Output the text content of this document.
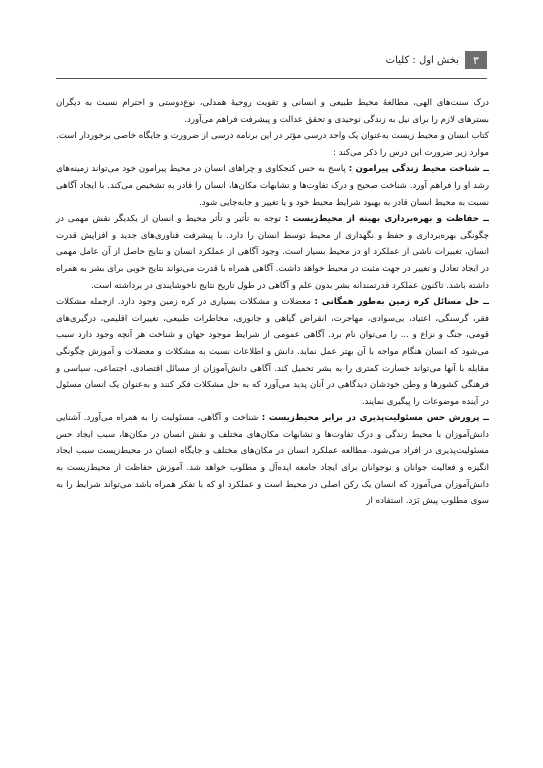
۳
بخش اول : کلیات

درک سنت‌های الهی، مطالعهٔ محیط طبیعی و انسانی و تقویت روحیهٔ همدلی، نوع‌دوستی و احترام نسبت به دیگران بسترهای لازم را برای نیل به زندگی توحیدی و تحقق عدالت و پیشرفت فراهم می‌آورد.

کتاب انسان و محیط زیست به‌عنوان یک واحد درسی مؤثر در این برنامه درسی از ضرورت و جایگاه خاصی برخوردار است. موارد زیر ضرورت این درس را ذکر می‌کند :

ــ شناخت محیط زندگی پیرامون : پاسخ به حس کنجکاوی و چراهای انسان در محیط پیرامون خود می‌تواند زمینه‌های رشد او را فراهم آورد. شناخت صحیح و درک تفاوت‌ها و تشابهات مکان‌ها، انسان را قادر به تشخیص می‌کند. با ایجاد آگاهی نسبت به محیط انسان قادر به بهبود شرایط محیط خود و یا تغییر و جابه‌جایی شود.

ــ حفاظت و بهره‌برداری بهینه از محیط‌زیست : توجه به تأثیر و تأثر محیط و انسان از یکدیگر نقش مهمی در چگونگی بهره‌برداری و حفظ و نگهداری از محیط توسط انسان را دارد. با پیشرفت فناوری‌های جدید و افزایش قدرت انسان، تغییرات ناشی از عملکرد او در محیط بسیار است. وجود آگاهی از عملکرد انسان و نتایج حاصل از آن عامل مهمی در ایجاد تعادل و تغییر در جهت مثبت در محیط خواهد داشت. آگاهی همراه با قدرت می‌تواند نتایج خوبی برای بشر به همراه داشته باشد. تاکنون عملکرد قدرتمندانه بشر بدون علم و آگاهی در طول تاریخ نتایج ناخوشایندی در برداشته است.

ــ حل مسائل کره زمین به‌طور همگانی : معضلات و مشکلات بسیاری در کره زمین وجود دارد. ازجمله مشکلات فقر، گرسنگی، اعتیاد، بی‌سوادی، مهاجرت، انقراض گیاهی و جانوری، مخاطرات طبیعی، تغییرات اقلیمی، درگیری‌های قومی، جنگ و نزاع و ... را می‌توان نام برد. آگاهی عمومی از شرایط موجود جهان و شناخت هر آنچه وجود دارد سبب می‌شود که انسان هنگام مواجه با آن بهتر عمل نماید. دانش و اطلاعات نسبت به مشکلات و معضلات و آموزش چگونگی مقابله با آنها می‌تواند خسارت کمتری را به بشر تحمیل کند. آگاهی دانش‌آموزان از مسائل اقتصادی، اجتماعی، سیاسی و فرهنگی کشورها و وطن خودشان دیدگاهی در آنان پدید می‌آورد که به حل مشکلات فکر کنند و به‌عنوان یک انسان مسئول در آینده موضوعات را پیگیری نمایند.

ــ پرورش حس مسئولیت‌پذیری در برابر محیط‌زیست : شناخت و آگاهی، مسئولیت را به همراه می‌آورد. آشنایی دانش‌آموزان با محیط زندگی و درک تفاوت‌ها و تشابهات مکان‌های مختلف و نقش انسان در مکان‌ها، سبب ایجاد حس مسئولیت‌پذیری در افراد می‌شود. مطالعه عملکرد انسان در مکان‌های مختلف و جایگاه انسان در محیط‌زیست سبب ایجاد انگیزه و فعالیت جوانان و نوجوانان برای ایجاد جامعه ایده‌آل و مطلوب خواهد شد. آموزش حفاظت از محیط‌زیست به دانش‌آموزان می‌آموزد که انسان یک رکن اصلی در محیط است و عملکرد او که با تفکر همراه باشد می‌تواند شرایط را به سوی مطلوب پیش بَرَد. استفاده از
